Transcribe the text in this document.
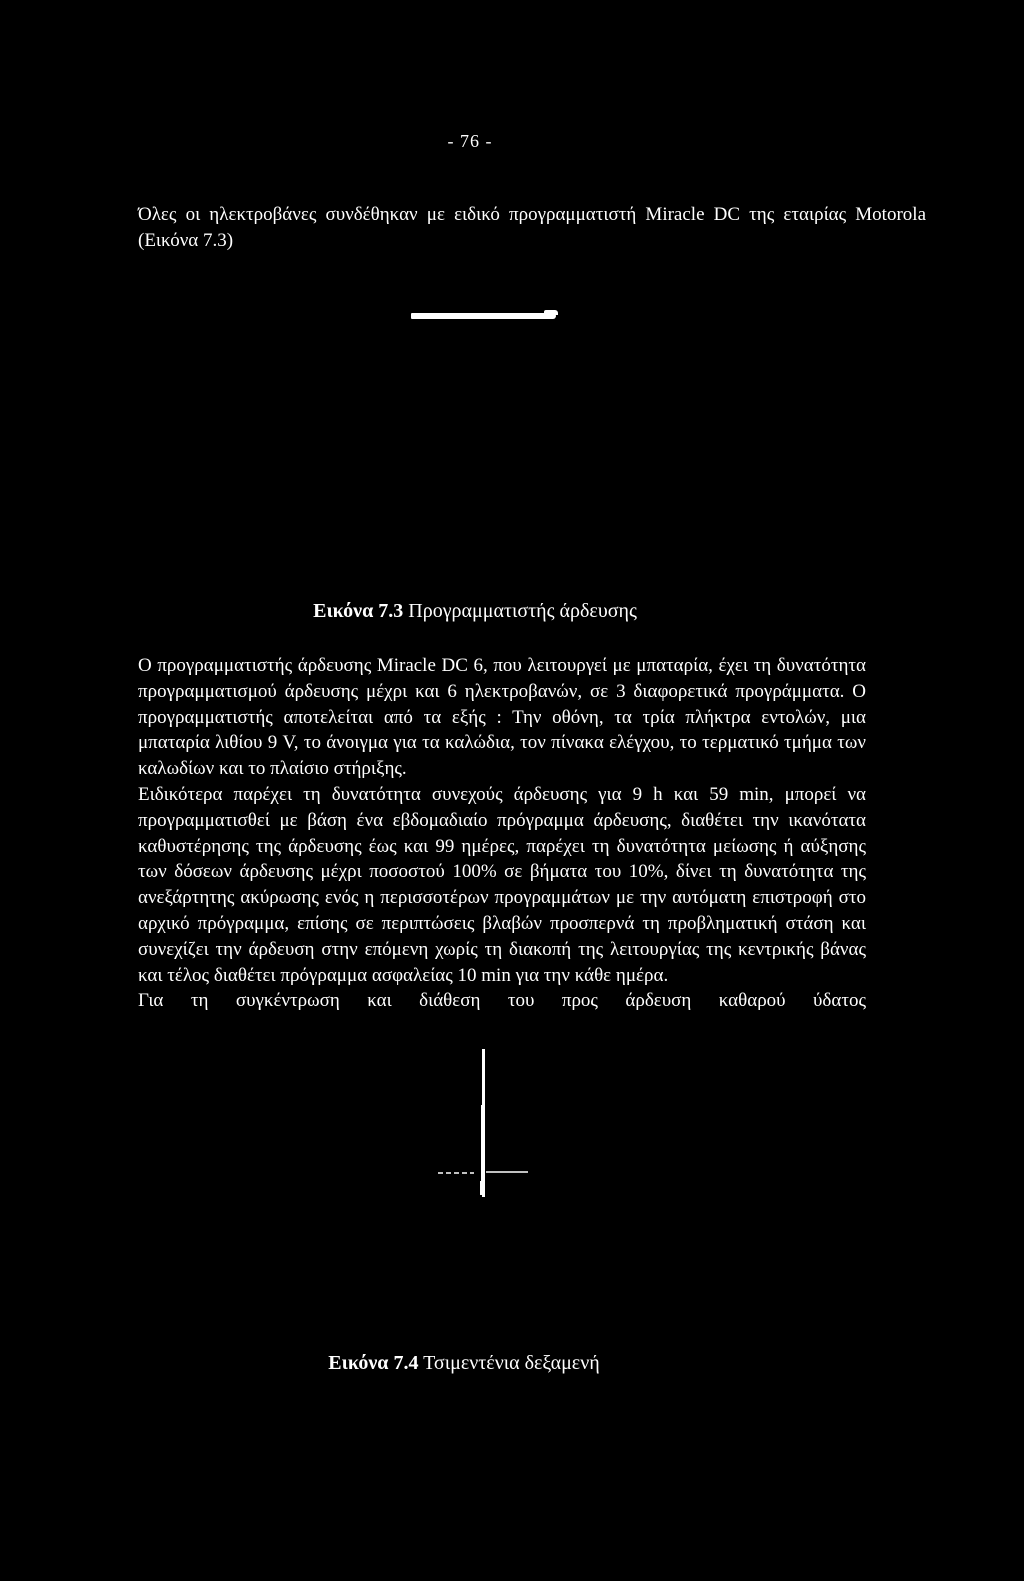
- 76 -

Όλες οι ηλεκτροβάνες συνδέθηκαν με ειδικό προγραμματιστή Miracle DC της εταιρίας Motorola (Εικόνα 7.3)

Εικόνα 7.3 Προγραμματιστής άρδευσης

Ο προγραμματιστής άρδευσης Miracle DC 6, που λειτουργεί με μπαταρία, έχει τη δυνατότητα προγραμματισμού άρδευσης μέχρι και 6 ηλεκτροβανών, σε 3 διαφορετικά προγράμματα. Ο προγραμματιστής αποτελείται από τα εξής : Την οθόνη, τα τρία πλήκτρα εντολών, μια μπαταρία λιθίου 9 V, το άνοιγμα για τα καλώδια, τον πίνακα ελέγχου, το τερματικό τμήμα των καλωδίων και το πλαίσιο στήριξης.

Ειδικότερα παρέχει τη δυνατότητα συνεχούς άρδευσης για 9 h και 59 min, μπορεί να προγραμματισθεί με βάση ένα εβδομαδιαίο πρόγραμμα άρδευσης, διαθέτει την ικανότατα καθυστέρησης της άρδευσης έως και 99 ημέρες, παρέχει τη δυνατότητα μείωσης ή αύξησης των δόσεων άρδευσης μέχρι ποσοστού 100% σε βήματα του 10%, δίνει τη δυνατότητα της ανεξάρτητης ακύρωσης ενός η περισσοτέρων προγραμμάτων με την αυτόματη επιστροφή στο αρχικό πρόγραμμα, επίσης σε περιπτώσεις βλαβών προσπερνά τη προβληματική στάση και συνεχίζει την άρδευση στην επόμενη χωρίς τη διακοπή της λειτουργίας της κεντρικής βάνας και τέλος διαθέτει πρόγραμμα ασφαλείας 10 min για την κάθε ημέρα.

Για τη συγκέντρωση και διάθεση του προς άρδευση καθαρού ύδατος

Εικόνα 7.4 Τσιμεντένια δεξαμενή
